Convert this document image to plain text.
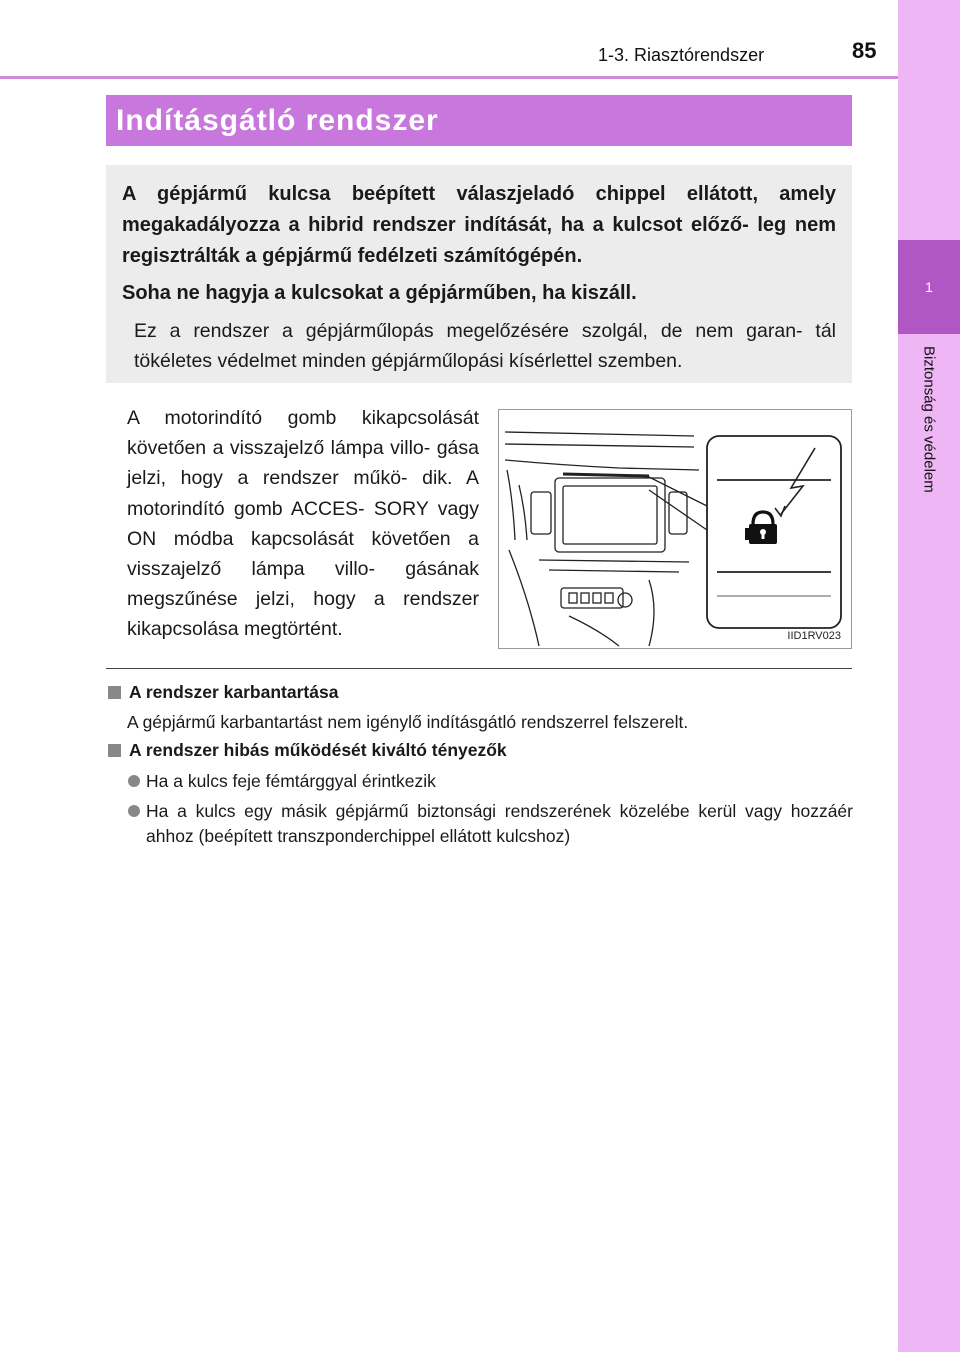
1
Biztonság és védelem
1-3. Riasztórendszer	85
Indításgátló rendszer

A gépjármű kulcsa beépített válaszjeladó chippel ellátott, amely megakadályozza a hibrid rendszer indítását, ha a kulcsot előző- leg nem regisztrálták a gépjármű fedélzeti számítógépén.

Soha ne hagyja a kulcsokat a gépjárműben, ha kiszáll.

Ez a rendszer a gépjárműlopás megelőzésére szolgál, de nem garan- tál tökéletes védelmet minden gépjárműlopási kísérlettel szemben.

A motorindító gomb kikapcsolását követően a visszajelző lámpa villo- gása jelzi, hogy a rendszer műkö- dik. A motorindító gomb ACCES- SORY vagy ON módba kapcsolását követően a visszajelző lámpa villo- gásának megszűnése jelzi, hogy a rendszer kikapcsolása megtörtént.	IID1RV023
A rendszer karbantartása

A gépjármű karbantartást nem igénylő indításgátló rendszerrel felszerelt.

A rendszer hibás működését kiváltó tényezők
Ha a kulcs feje fémtárggyal érintkezik
Ha a kulcs egy másik gépjármű biztonsági rendszerének közelébe kerül vagy hozzáér ahhoz (beépített transzponderchippel ellátott kulcshoz)
